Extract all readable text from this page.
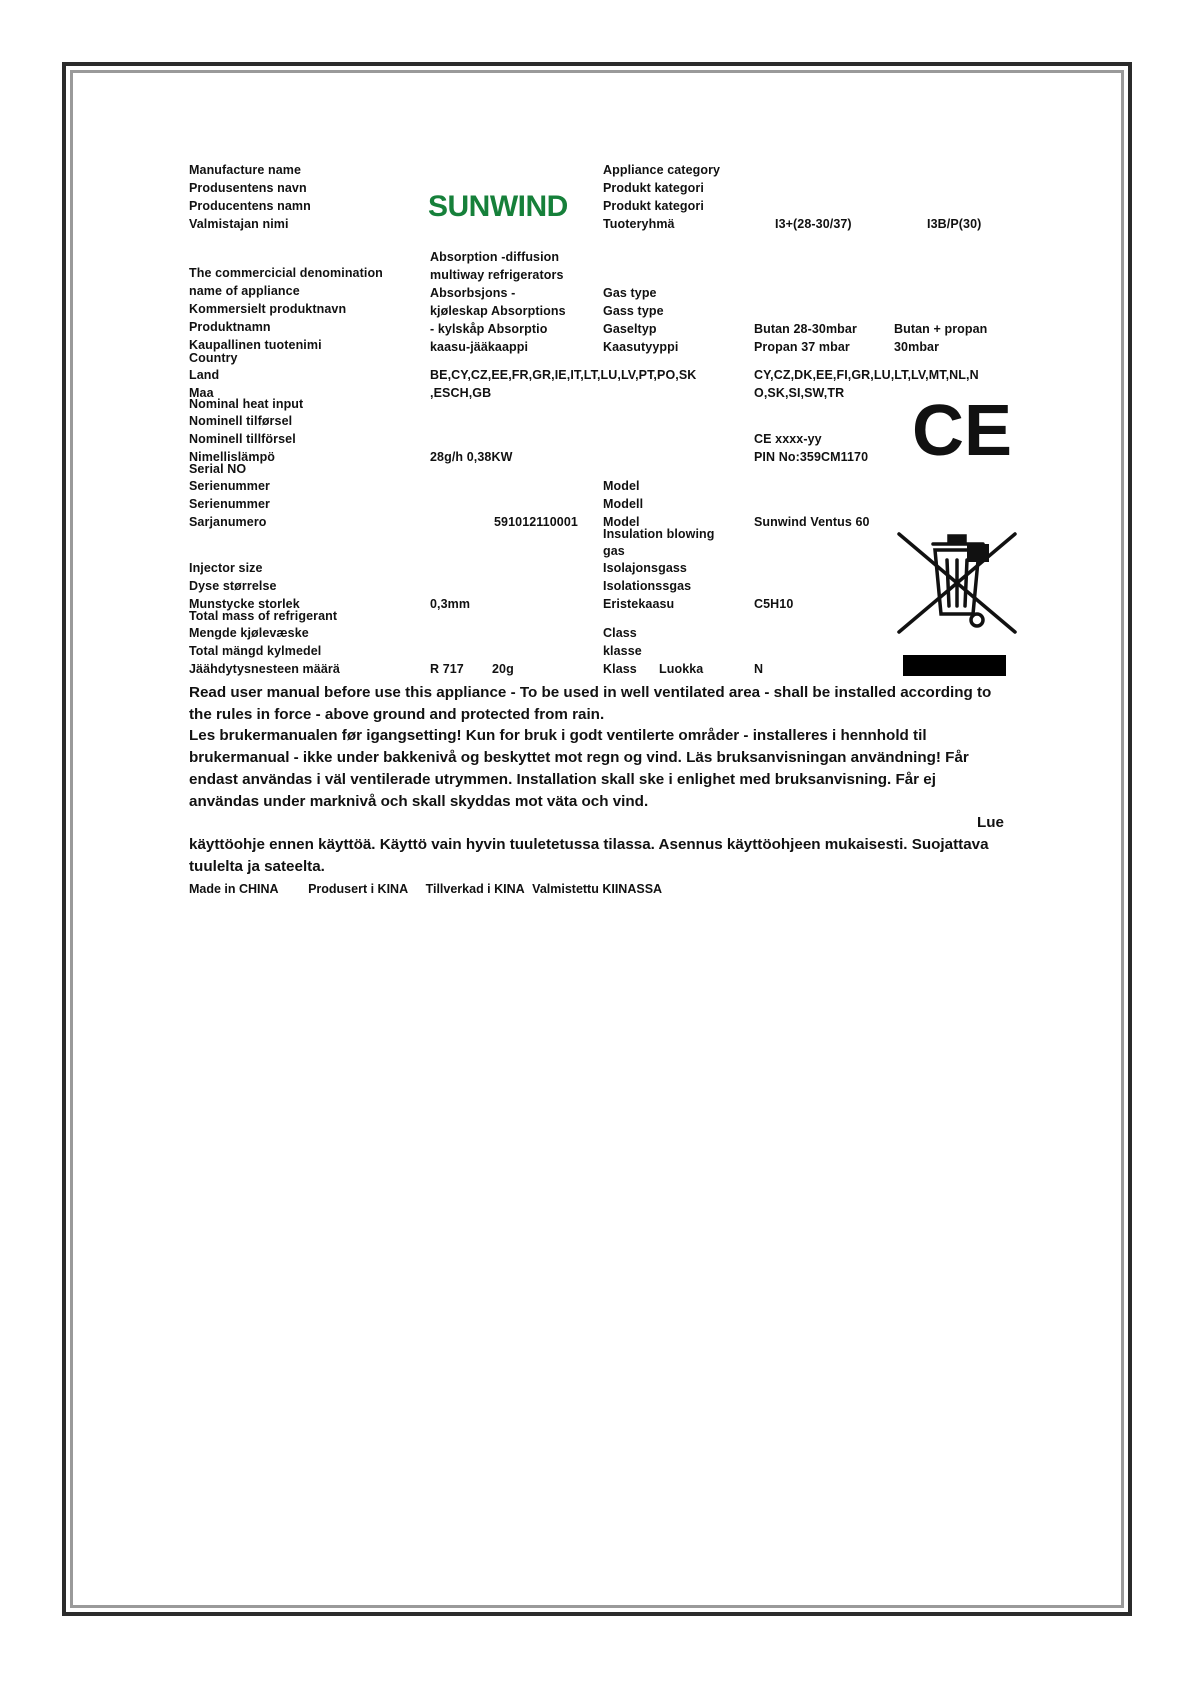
Manufacture name
Produsentens navn
Producentens namn
Valmistajan nimi
The commercicial denomination
name of appliance
Kommersielt produktnavn
Produktnamn
Kaupallinen tuotenimi
Country
Land
Maa
Nominal heat input
Nominell tilførsel
Nominell tillförsel
Nimellislämpö
Serial NO
Serienummer
Serienummer
Sarjanumero
Injector size
Dyse størrelse
Munstycke storlek
Total mass of refrigerant
Mengde kjølevæske
Total mängd kylmedel
Jäähdytysnesteen määrä
SUNWIND
Absorption -diffusion
multiway refrigerators
Absorbsjons -
kjøleskap Absorptions
- kylskåp Absorptio
kaasu-jääkaappi
BE,CY,CZ,EE,FR,GR,IE,IT,LT,LU,LV,PT,PO,SK
,ESCH,GB
28g/h 0,38KW
591012110001
0,3mm
R 717 20g
Appliance category
Produkt kategori
Produkt kategori
Tuoteryhmä
Gas type
Gass type
Gaseltyp
Kaasutyyppi
Model
Modell
Model
Insulation blowing
gas
Isolajonsgass
Isolationssgas
Eristekaasu
Class
klasse
Klass Luokka
I3+(28-30/37)	I3B/P(30)
Butan 28-30mbar
Propan 37 mbar
Butan + propan
30mbar
CY,CZ,DK,EE,FI,GR,LU,LT,LV,MT,NL,N
O,SK,SI,SW,TR
CE xxxx-yy
PIN No:359CM1170
Sunwind Ventus 60
C5H10
N
CE

Read user manual before use this appliance - To be used in well ventilated area - shall be installed according to the rules in force - above ground and protected from rain.

Les brukermanualen før igangsetting! Kun for bruk i godt ventilerte områder - installeres i hennhold til brukermanual - ikke under bakkenivå og beskyttet mot regn og vind. Läs bruksanvisningan användning! Får endast användas i väl ventilerade utrymmen. Installation skall ske i enlighet med bruksanvisning. Får ej användas under marknivå och skall skyddas mot väta och vind.

Lue

käyttöohje ennen käyttöä. Käyttö vain hyvin tuuletetussa tilassa. Asennus käyttöohjeen mukaisesti. Suojattava tuulelta ja sateelta.

Made in CHINA Produsert i KINA Tillverkad i KINA Valmistettu KIINASSA
